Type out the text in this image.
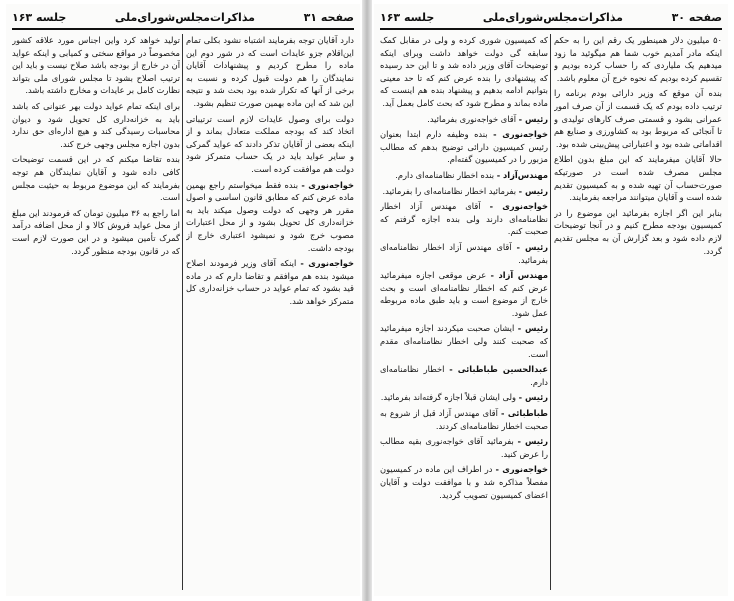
صفحه ۳۱
مذاکرات‌مجلس‌شورای‌ملی
جلسه ۱۶۳

دارد آقایان توجه بفرمایند اشتباه نشود بکلی تمام این‌اقلام جزو عایدات است که در شور دوم این ماده را مطرح کردیم و پیشنهادات آقایان نمایندگان را هم دولت قبول کرده و نسبت به برخی از آنها که تکرار شده بود بحث شد و نتیجه این شد که این ماده بهمین صورت تنظیم بشود.

دولت برای وصول عایدات لازم است ترتیباتی اتخاذ کند که بودجه مملکت متعادل بماند و از اینکه بعضی از آقایان تذکر دادند که عواید گمرکی و سایر عواید باید در یک حساب متمرکز شود دولت هم موافقت کرده است.

خواجه‌نوری - بنده فقط میخواستم راجع بهمین ماده عرض کنم که مطابق قانون اساسی و اصول مقرر هر وجهی که دولت وصول میکند باید به خزانه‌داری کل تحویل بشود و از محل اعتبارات مصوب خرج شود و نمیشود اعتباری خارج از بودجه داشت.

خواجه‌نوری - اینکه آقای وزیر فرمودند اصلاح میشود بنده هم موافقم و تقاضا دارم که در ماده قید بشود که تمام عواید در حساب خزانه‌داری کل متمرکز خواهد شد.

تولید خواهد کرد واین اجناس مورد علاقه کشور مخصوصاً در مواقع سختی و کمیابی و اینکه عواید آن در خارج از بودجه باشد صلاح نیست و باید این ترتیب اصلاح بشود تا مجلس شورای ملی بتواند نظارت کامل بر عایدات و مخارج داشته باشد.

برای اینکه تمام عواید دولت بهر عنوانی که باشد باید به خزانه‌داری کل تحویل شود و دیوان محاسبات رسیدگی کند و هیچ اداره‌ای حق ندارد بدون اجازه مجلس وجهی خرج کند.

بنده تقاضا میکنم که در این قسمت توضیحات کافی داده شود و آقایان نمایندگان هم توجه بفرمایند که این موضوع مربوط به حیثیت مجلس است.

اما راجع به ۳۶ میلیون تومان که فرمودند این مبلغ از محل عواید فروش کالا و از محل اضافه درآمد گمرک تأمین میشود و در این صورت لازم است که در قانون بودجه منظور گردد.

صفحه ۳۰
مذاکرات‌مجلس‌شورای‌ملی
جلسه ۱۶۳

۵۰ میلیون دلار همینطور یک رقم این را به حکم اینکه مادر آمدیم خوب شما هم میگوئید ما زود میدهیم یک ملیاردی که را حساب کرده بودیم و تقسیم کرده بودیم که نحوه خرج آن معلوم باشد.

بنده آن موقع که وزیر دارائی بودم برنامه را ترتیب داده بودم که یک قسمت از آن صرف امور عمرانی بشود و قسمتی صرف کارهای تولیدی و تا آنجائی که مربوط بود به کشاورزی و صنایع هم اقداماتی شده بود و اعتباراتی پیش‌بینی شده بود.

حالا آقایان میفرمایند که این مبلغ بدون اطلاع مجلس مصرف شده است در صورتیکه صورت‌حساب آن تهیه شده و به کمیسیون تقدیم شده است و آقایان میتوانند مراجعه بفرمایند.

بنابر این اگر اجازه بفرمائید این موضوع را در کمیسیون بودجه مطرح کنیم و در آنجا توضیحات لازم داده شود و بعد گزارش آن به مجلس تقدیم گردد.

که کمیسیون شوری کرده و ولی در مقابل کمک سابقه گی دولت خواهد داشت وبرای اینکه توضیحات آقای وزیر داده شد و تا این حد رسیده که پیشنهادی را بنده عرض کنم که تا حد معینی بتوانیم ادامه بدهیم و پیشنهاد بنده هم اینست که ماده بماند و مطرح شود که بحث کامل بعمل آید.

رئیس - آقای خواجه‌نوری بفرمائید.

خواجه‌نوری - بنده وظیفه دارم ابتدا بعنوان رئیس کمیسیون دارائی توضیح بدهم که مطالب مزبور را در کمیسیون گفته‌ام.

مهندس‌آزاد - بنده اخطار نظامنامه‌ای دارم.

رئیس - بفرمائید اخطار نظامنامه‌ای را بفرمائید.

خواجه‌نوری - آقای مهندس آزاد اخطار نظامنامه‌ای دارند ولی بنده اجازه گرفتم که صحبت کنم.

رئیس - آقای مهندس آزاد اخطار نظامنامه‌ای بفرمائید.

مهندس آزاد - عرض موقعی اجازه میفرمائید عرض کنم که اخطار نظامنامه‌ای است و بحث خارج از موضوع است و باید طبق ماده مربوطه عمل شود.

رئیس - ایشان صحبت میکردند اجازه میفرمائید که صحبت کنند ولی اخطار نظامنامه‌ای مقدم است.

عبدالحسین طباطبائی - اخطار نظامنامه‌ای دارم.

رئیس - ولی ایشان قبلاً اجازه گرفته‌اند بفرمائید.

طباطبائی - آقای مهندس آزاد قبل از شروع به صحبت اخطار نظامنامه‌ای کردند.

رئیس - بفرمائید آقای خواجه‌نوری بقیه مطالب را عرض کنید.

خواجه‌نوری - در اطراف این ماده در کمیسیون مفصلاً مذاکره شد و با موافقت دولت و آقایان اعضای کمیسیون تصویب گردید.
